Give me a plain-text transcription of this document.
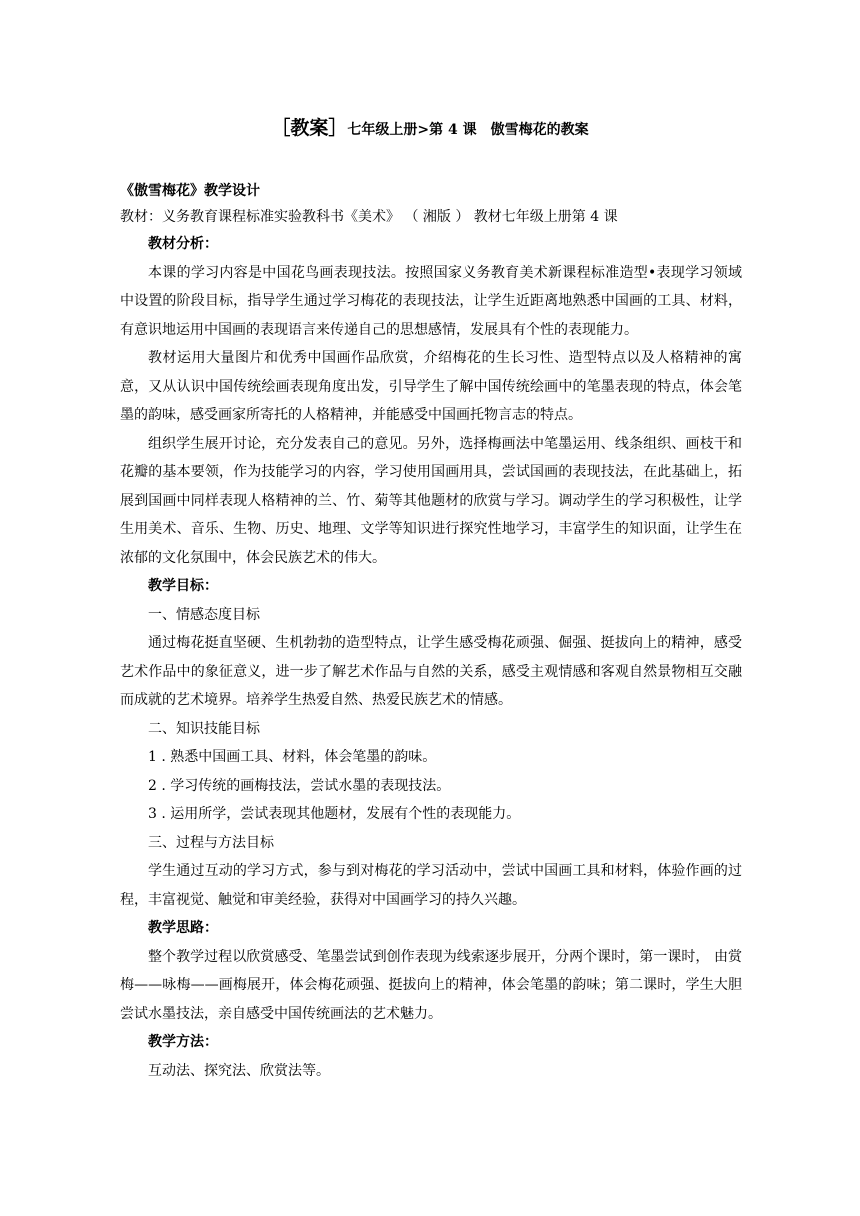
［教案］七年级上册>第 4 课　傲雪梅花的教案
《傲雪梅花》教学设计
教材：义务教育课程标准实验教科书《美术》 （ 湘版 ） 教材七年级上册第 4 课
教材分析：

本课的学习内容是中国花鸟画表现技法。按照国家义务教育美术新课程标准造型•表现学习领域中设置的阶段目标，指导学生通过学习梅花的表现技法，让学生近距离地熟悉中国画的工具、材料，有意识地运用中国画的表现语言来传递自己的思想感情，发展具有个性的表现能力。

教材运用大量图片和优秀中国画作品欣赏，介绍梅花的生长习性、造型特点以及人格精神的寓意，又从认识中国传统绘画表现角度出发，引导学生了解中国传统绘画中的笔墨表现的特点，体会笔墨的韵味，感受画家所寄托的人格精神，并能感受中国画托物言志的特点。

组织学生展开讨论，充分发表自己的意见。另外，选择梅画法中笔墨运用、线条组织、画枝干和花瓣的基本要领，作为技能学习的内容，学习使用国画用具，尝试国画的表现技法，在此基础上，拓展到国画中同样表现人格精神的兰、竹、菊等其他题材的欣赏与学习。调动学生的学习积极性，让学生用美术、音乐、生物、历史、地理、文学等知识进行探究性地学习，丰富学生的知识面，让学生在浓郁的文化氛围中，体会民族艺术的伟大。

教学目标：
一、情感态度目标

通过梅花挺直坚硬、生机勃勃的造型特点，让学生感受梅花顽强、倔强、挺拔向上的精神，感受艺术作品中的象征意义，进一步了解艺术作品与自然的关系，感受主观情感和客观自然景物相互交融而成就的艺术境界。培养学生热爱自然、热爱民族艺术的情感。

二、知识技能目标
1 . 熟悉中国画工具、材料，体会笔墨的韵味。
2 . 学习传统的画梅技法，尝试水墨的表现技法。
3 . 运用所学，尝试表现其他题材，发展有个性的表现能力。
三、过程与方法目标

学生通过互动的学习方式，参与到对梅花的学习活动中，尝试中国画工具和材料，体验作画的过程，丰富视觉、触觉和审美经验，获得对中国画学习的持久兴趣。

教学思路：

整个教学过程以欣赏感受、笔墨尝试到创作表现为线索逐步展开，分两个课时，第一课时， 由赏梅——咏梅——画梅展开，体会梅花顽强、挺拔向上的精神，体会笔墨的韵味；第二课时，学生大胆尝试水墨技法，亲自感受中国传统画法的艺术魅力。

教学方法：
互动法、探究法、欣赏法等。
